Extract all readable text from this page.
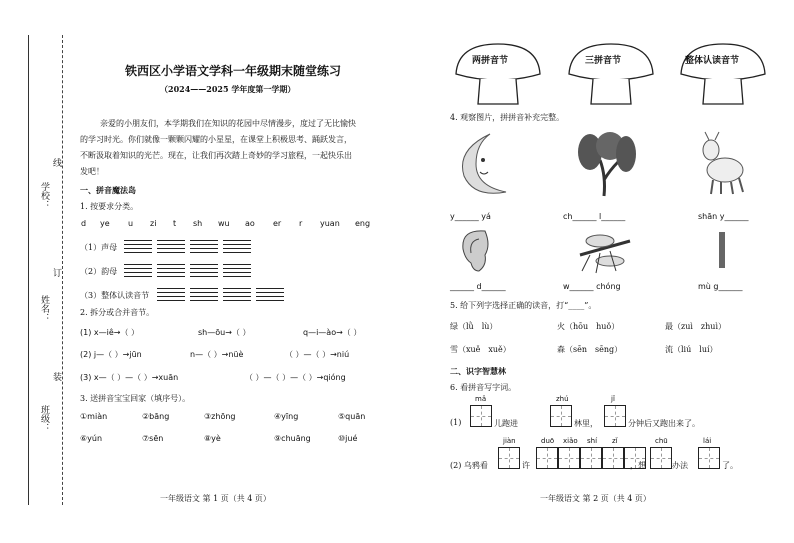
线
订
装
学校：
姓名：
班级：
铁西区小学语文学科一年级期末随堂练习
（2024——2025 学年度第一学期）
亲爱的小朋友们，本学期我们在知识的花园中尽情漫步，度过了无比愉快
的学习时光。你们就像一颗颗闪耀的小星星，在课堂上积极思考、踊跃发言，
不断汲取着知识的光芒。现在，让我们再次踏上奇妙的学习旅程，一起快乐出
发吧！
一、拼音魔法岛
1. 按要求分类。
d ye u zi t sh wu ao er r yuan eng
（1）声母
（2）韵母
（3）整体认读音节
2. 拆分或合并音节。
(1) x—iê→（ ）	sh—ōu→（ ）	q—i—ào→（ ）
(2) j—（ ）→jūn	n—（ ）→nüè	（ ）—（ ）→niú
(3) x—（ ）—（ ）→xuān	（ ）—（ ）—（ ）→qióng
3. 送拼音宝宝回家（填序号）。
①miàn	②bāng	③zhōng	④yīng	⑤quān
⑥yún	⑦sēn	⑧yè	⑨chuāng	⑩jué
一年级语文 第 1 页（共 4 页）
两拼音节	三拼音节	整体认读音节
4. 观察图片，拼拼音补充完整。
y______ yá	ch______ l______	shān y______
______ d______	w______ chóng	mù g______
5. 给下列字选择正确的读音，打“____”。
绿（lǜ　lù）	火（hōu　huǒ）	最（zuì　zhuì）
雪（xuě　xuě）	森（sēn　sēng）	流（liú　luí）
二、识字智慧林
6. 看拼音写字词。
mǎ	zhú	jǐ
(1)	儿跑进	林里，	分钟后又跑出来了。
jiàn	duō xiǎo shí zǐ	chū	lái
(2) 乌鸦看	许	，想	办法	了。
一年级语文 第 2 页（共 4 页）
